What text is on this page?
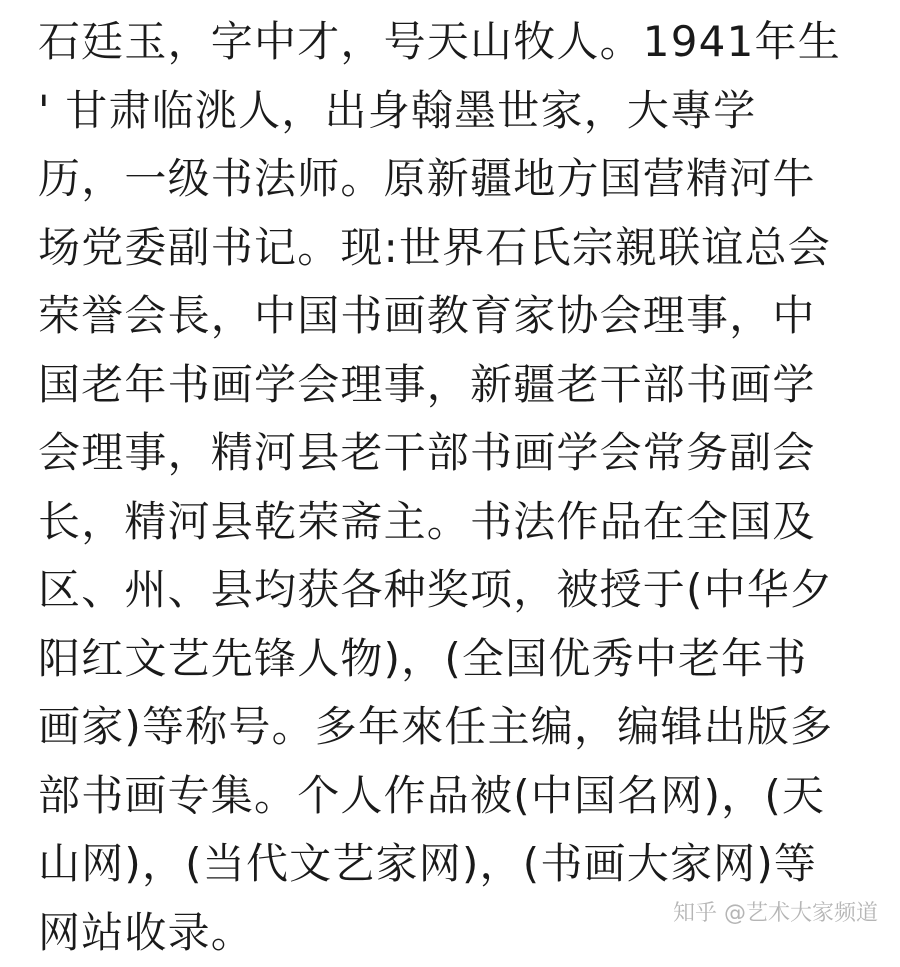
石廷玉，字中才，号天山牧人。1941年生
' 甘肃临洮人，出身翰墨世家，大專学
历，一级书法师。原新疆地方国营精河牛
场党委副书记。现:世界石氏宗親联谊总会
荣誉会長，中国书画教育家协会理事，中
国老年书画学会理事，新疆老干部书画学
会理事，精河县老干部书画学会常务副会
长，精河县乾荣斋主。书法作品在全国及
区、州、县均获各种奖项，被授于(中华夕
阳红文艺先锋人物)，(全国优秀中老年书
画家)等称号。多年來任主编，编辑出版多
部书画专集。个人作品被(中国名网)，(天
山网)，(当代文艺家网)，(书画大家网)等
网站收录。	知乎 @艺术大家频道
